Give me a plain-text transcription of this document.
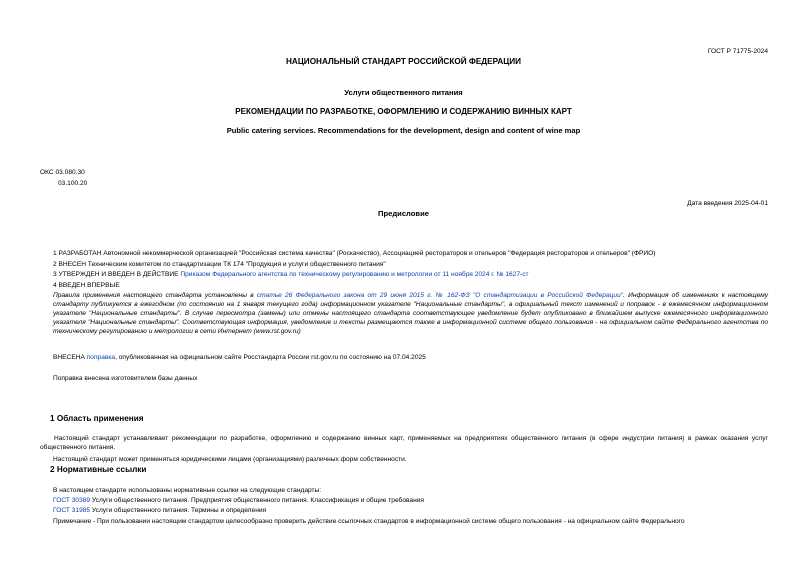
ГОСТ Р 71775-2024
НАЦИОНАЛЬНЫЙ СТАНДАРТ РОССИЙСКОЙ ФЕДЕРАЦИИ
Услуги общественного питания
РЕКОМЕНДАЦИИ ПО РАЗРАБОТКЕ, ОФОРМЛЕНИЮ И СОДЕРЖАНИЮ ВИННЫХ КАРТ
Public catering services. Recommendations for the development, design and content of wine map
ОКС 03.080.30
03.100.20
Дата введения 2025-04-01
Предисловие
1 РАЗРАБОТАН Автономной некоммерческой организацией "Российская система качества" (Роскачество), Ассоциацией рестораторов и отельеров "Федерация рестораторов и отельеров" (ФРИО)
2 ВНЕСЕН Техническим комитетом по стандартизации ТК 174 "Продукция и услуги общественного питания"
3 УТВЕРЖДЕН И ВВЕДЕН В ДЕЙСТВИЕ Приказом Федерального агентства по техническому регулированию и метрологии от 11 ноября 2024 г. № 1627-ст
4 ВВЕДЕН ВПЕРВЫЕ
Правила применения настоящего стандарта установлены в статье 26 Федерального закона от 29 июня 2015 г. № 162-ФЗ "О стандартизации в Российской Федерации". Информация об изменениях к настоящему стандарту публикуется в ежегодном (по состоянию на 1 января текущего года) информационном указателе "Национальные стандарты", а официальный текст изменений и поправок - в ежемесячном информационном указателе "Национальные стандарты". В случае пересмотра (замены) или отмены настоящего стандарта соответствующее уведомление будет опубликовано в ближайшем выпуске ежемесячного информационного указателя "Национальные стандарты". Соответствующая информация, уведомление и тексты размещаются также в информационной системе общего пользования - на официальном сайте Федерального агентства по техническому регулированию и метрологии в сети Интернет (www.rst.gov.ru)
ВНЕСЕНА поправка, опубликованная на официальном сайте Росстандарта России rst.gov.ru по состоянию на 07.04.2025
Поправка внесена изготовителем базы данных
1 Область применения
Настоящий стандарт устанавливает рекомендации по разработке, оформлению и содержанию винных карт, применяемых на предприятиях общественного питания (в сфере индустрии питания) в рамках оказания услуг общественного питания.
Настоящий стандарт может применяться юридическими лицами (организациями) различных форм собственности.
2 Нормативные ссылки
В настоящем стандарте использованы нормативные ссылки на следующие стандарты:
ГОСТ 30389 Услуги общественного питания. Предприятия общественного питания. Классификация и общие требования
ГОСТ 31985 Услуги общественного питания. Термины и определения
Примечание - При пользовании настоящим стандартом целесообразно проверить действие ссылочных стандартов в информационной системе общего пользования - на официальном сайте Федерального
